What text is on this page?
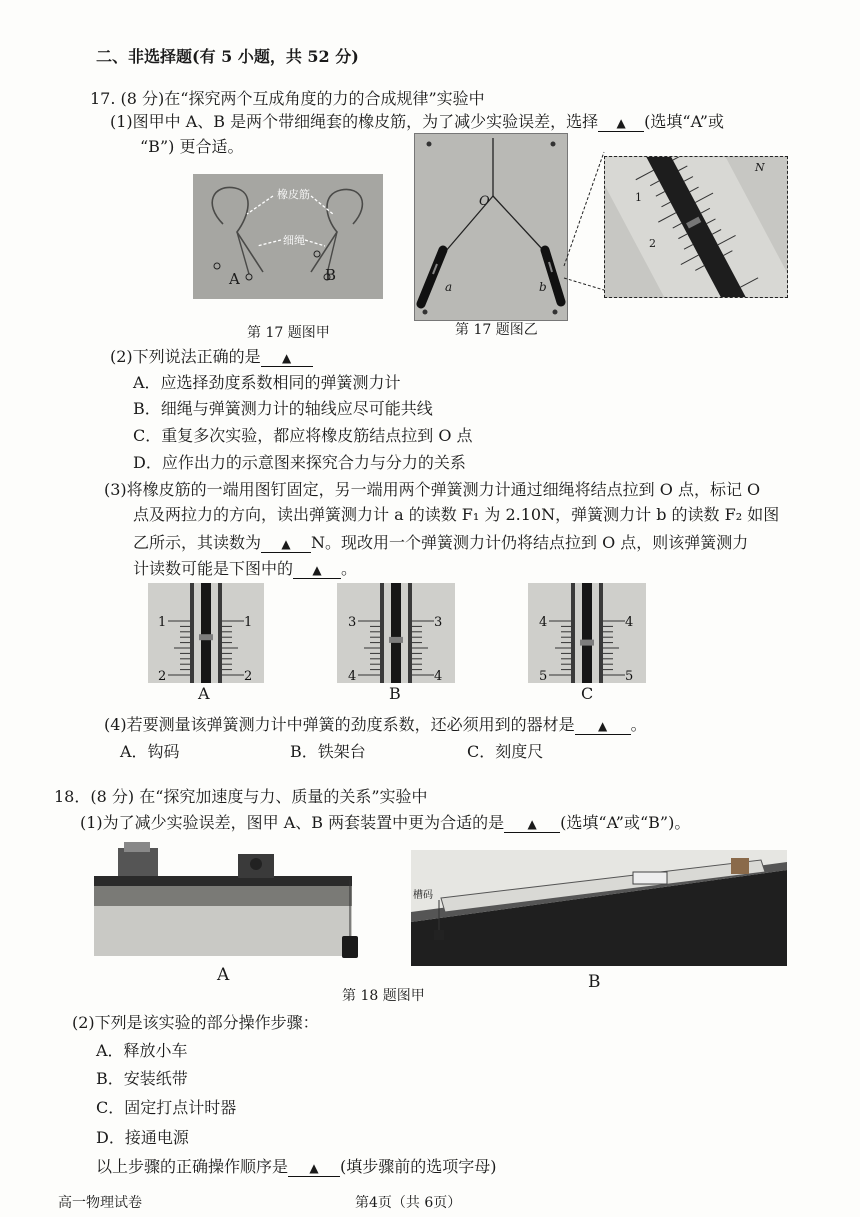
二、非选择题(有 5 小题，共 52 分)
17. (8 分)在“探究两个互成角度的力的合成规律”实验中
(1)图甲中 A、B 是两个带细绳套的橡皮筋，为了减少实验误差，选择 ▲ (选填“A”或
“B”) 更合适。
橡皮筋
细绳
A	B
第 17 题图甲
O
a	b
第 17 题图乙
N
2
1
(2)下列说法正确的是 ▲
A．应选择劲度系数相同的弹簧测力计
B．细绳与弹簧测力计的轴线应尽可能共线
C．重复多次实验，都应将橡皮筋结点拉到 O 点
D．应作出力的示意图来探究合力与分力的关系
(3)将橡皮筋的一端用图钉固定，另一端用两个弹簧测力计通过细绳将结点拉到 O 点，标记 O
点及两拉力的方向，读出弹簧测力计 a 的读数 F₁ 为 2.10N，弹簧测力计 b 的读数 F₂ 如图
乙所示，其读数为 ▲ N。现改用一个弹簧测力计仍将结点拉到 O 点，则该弹簧测力
计读数可能是下图中的 ▲ 。
1	1
2	2
3	3
4	4
4	4
5	5
A	B	C
(4)若要测量该弹簧测力计中弹簧的劲度系数，还必须用到的器材是 ▲ 。
A．钩码	B．铁架台	C．刻度尺
18．(8 分) 在“探究加速度与力、质量的关系”实验中
(1)为了减少实验误差，图甲 A、B 两套装置中更为合适的是 ▲ (选填“A”或“B”)。
A
第 18 题图甲
槽码
B
(2)下列是该实验的部分操作步骤：
A．释放小车
B．安装纸带
C．固定打点计时器
D．接通电源
以上步骤的正确操作顺序是 ▲ (填步骤前的选项字母)
高一物理试卷	第4页（共 6页）
